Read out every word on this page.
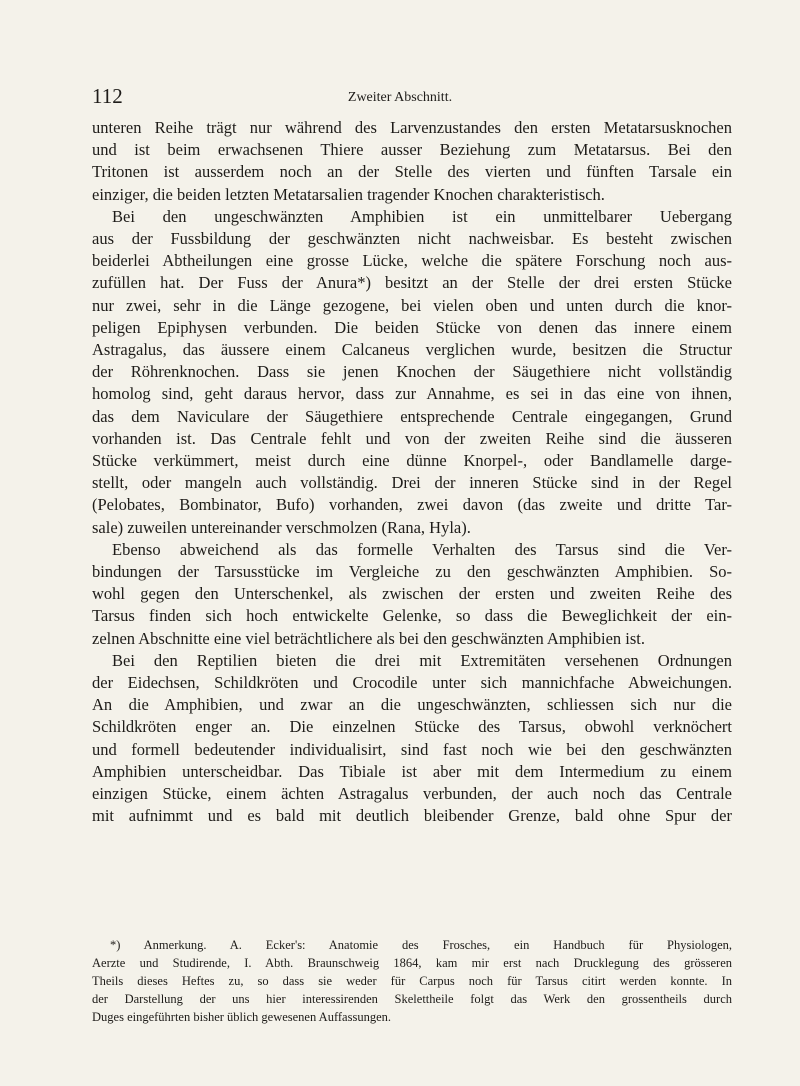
112	Zweiter Abschnitt.
unteren Reihe trägt nur während des Larvenzustandes den ersten Metatarsusknochen
und ist beim erwachsenen Thiere ausser Beziehung zum Metatarsus. Bei den
Tritonen ist ausserdem noch an der Stelle des vierten und fünften Tarsale ein
einziger, die beiden letzten Metatarsalien tragender Knochen charakteristisch.
Bei den ungeschwänzten Amphibien ist ein unmittelbarer Uebergang
aus der Fussbildung der geschwänzten nicht nachweisbar. Es besteht zwischen
beiderlei Abtheilungen eine grosse Lücke, welche die spätere Forschung noch aus-
zufüllen hat. Der Fuss der Anura*) besitzt an der Stelle der drei ersten Stücke
nur zwei, sehr in die Länge gezogene, bei vielen oben und unten durch die knor-
peligen Epiphysen verbunden. Die beiden Stücke von denen das innere einem
Astragalus, das äussere einem Calcaneus verglichen wurde, besitzen die Structur
der Röhrenknochen. Dass sie jenen Knochen der Säugethiere nicht vollständig
homolog sind, geht daraus hervor, dass zur Annahme, es sei in das eine von ihnen,
das dem Naviculare der Säugethiere entsprechende Centrale eingegangen, Grund
vorhanden ist. Das Centrale fehlt und von der zweiten Reihe sind die äusseren
Stücke verkümmert, meist durch eine dünne Knorpel-, oder Bandlamelle darge-
stellt, oder mangeln auch vollständig. Drei der inneren Stücke sind in der Regel
(Pelobates, Bombinator, Bufo) vorhanden, zwei davon (das zweite und dritte Tar-
sale) zuweilen untereinander verschmolzen (Rana, Hyla).
Ebenso abweichend als das formelle Verhalten des Tarsus sind die Ver-
bindungen der Tarsusstücke im Vergleiche zu den geschwänzten Amphibien. So-
wohl gegen den Unterschenkel, als zwischen der ersten und zweiten Reihe des
Tarsus finden sich hoch entwickelte Gelenke, so dass die Beweglichkeit der ein-
zelnen Abschnitte eine viel beträchtlichere als bei den geschwänzten Amphibien ist.
Bei den Reptilien bieten die drei mit Extremitäten versehenen Ordnungen
der Eidechsen, Schildkröten und Crocodile unter sich mannichfache Abweichungen.
An die Amphibien, und zwar an die ungeschwänzten, schliessen sich nur die
Schildkröten enger an. Die einzelnen Stücke des Tarsus, obwohl verknöchert
und formell bedeutender individualisirt, sind fast noch wie bei den geschwänzten
Amphibien unterscheidbar. Das Tibiale ist aber mit dem Intermedium zu einem
einzigen Stücke, einem ächten Astragalus verbunden, der auch noch das Centrale
mit aufnimmt und es bald mit deutlich bleibender Grenze, bald ohne Spur der
*) Anmerkung. A. Ecker's: Anatomie des Frosches, ein Handbuch für Physiologen,
Aerzte und Studirende, I. Abth. Braunschweig 1864, kam mir erst nach Drucklegung des grösseren
Theils dieses Heftes zu, so dass sie weder für Carpus noch für Tarsus citirt werden konnte. In
der Darstellung der uns hier interessirenden Skelettheile folgt das Werk den grossentheils durch
Duges eingeführten bisher üblich gewesenen Auffassungen.
